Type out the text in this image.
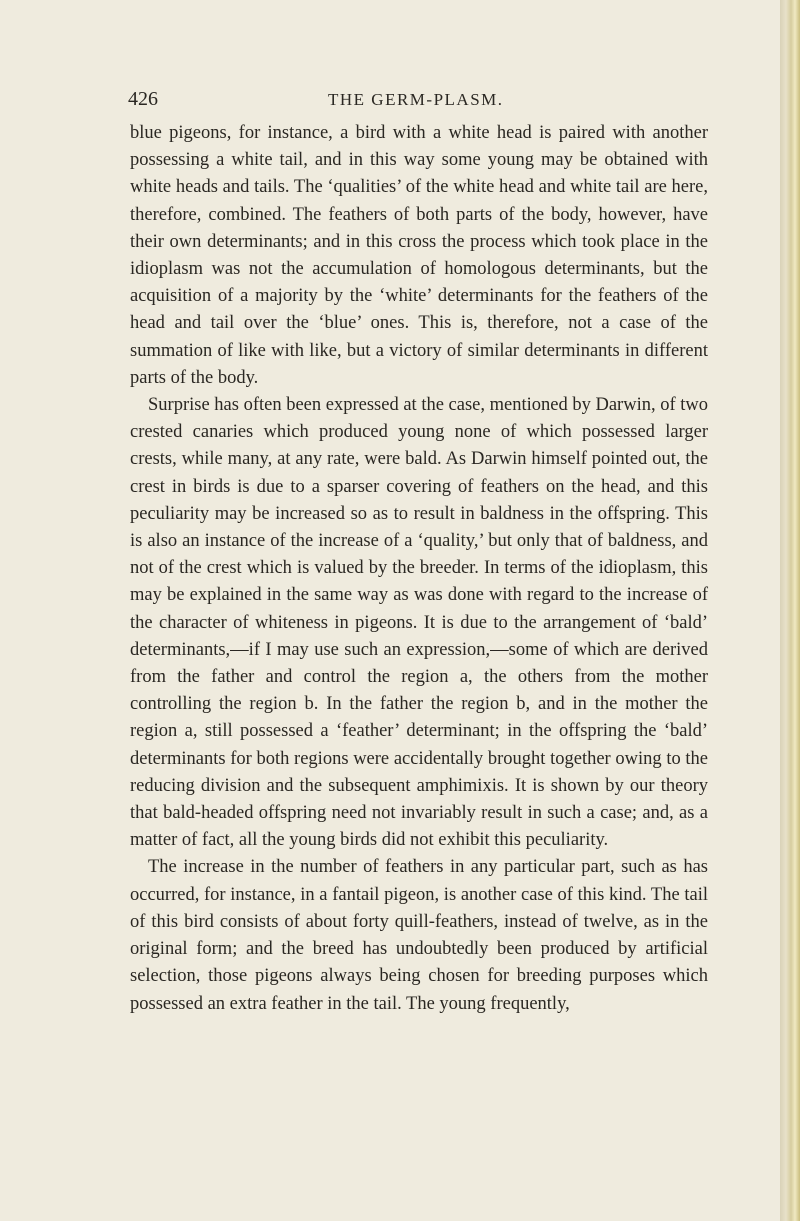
426	THE GERM-PLASM.

blue pigeons, for instance, a bird with a white head is paired with another possessing a white tail, and in this way some young may be obtained with white heads and tails. The ‘qualities’ of the white head and white tail are here, therefore, combined. The feathers of both parts of the body, however, have their own determinants; and in this cross the process which took place in the idioplasm was not the accumulation of homologous determinants, but the acquisition of a majority by the ‘white’ determinants for the feathers of the head and tail over the ‘blue’ ones. This is, therefore, not a case of the summation of like with like, but a victory of similar determinants in different parts of the body.

Surprise has often been expressed at the case, mentioned by Darwin, of two crested canaries which produced young none of which possessed larger crests, while many, at any rate, were bald. As Darwin himself pointed out, the crest in birds is due to a sparser covering of feathers on the head, and this peculiarity may be increased so as to result in baldness in the offspring. This is also an instance of the increase of a ‘quality,’ but only that of baldness, and not of the crest which is valued by the breeder. In terms of the idioplasm, this may be explained in the same way as was done with regard to the increase of the character of whiteness in pigeons. It is due to the arrangement of ‘bald’ determinants,—if I may use such an expression,—some of which are derived from the father and control the region a, the others from the mother controlling the region b. In the father the region b, and in the mother the region a, still possessed a ‘feather’ determinant; in the offspring the ‘bald’ determinants for both regions were accidentally brought together owing to the reducing division and the subsequent amphimixis. It is shown by our theory that bald-headed offspring need not invariably result in such a case; and, as a matter of fact, all the young birds did not exhibit this peculiarity.

The increase in the number of feathers in any particular part, such as has occurred, for instance, in a fantail pigeon, is another case of this kind. The tail of this bird consists of about forty quill-feathers, instead of twelve, as in the original form; and the breed has undoubtedly been produced by artificial selection, those pigeons always being chosen for breeding purposes which possessed an extra feather in the tail. The young frequently,
